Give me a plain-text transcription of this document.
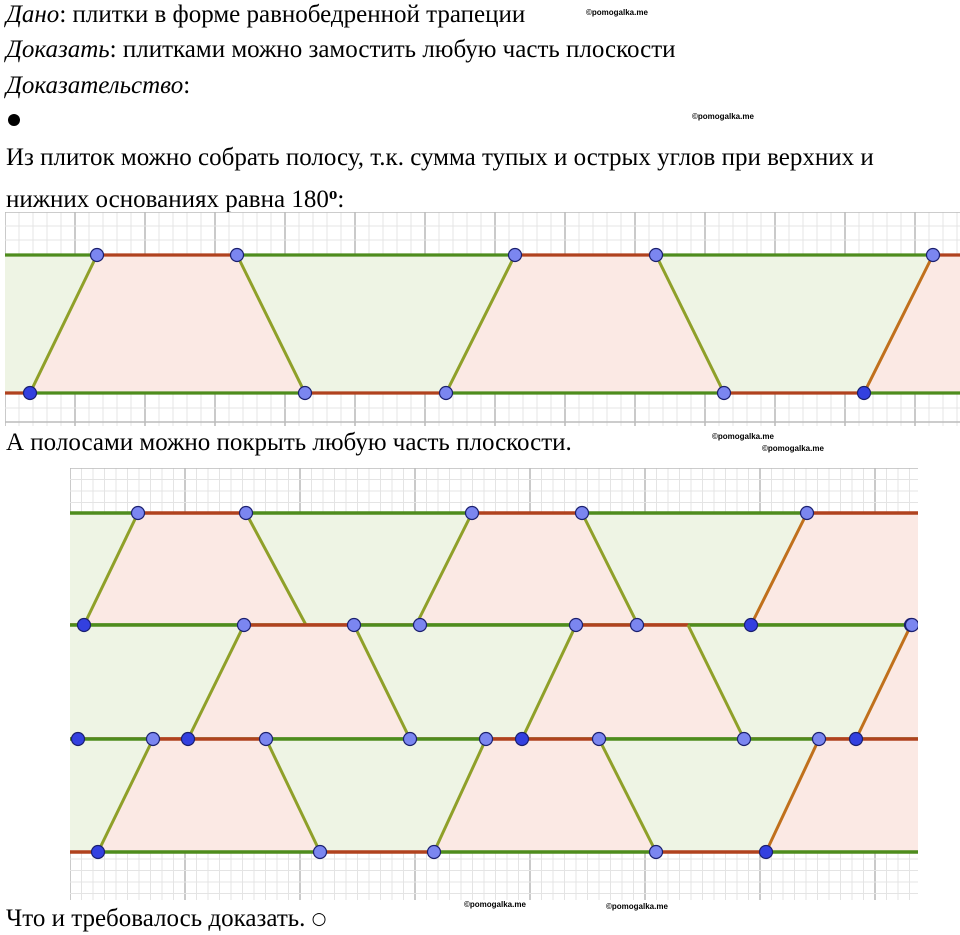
Дано: плитки в форме равнобедренной трапеции	©pomogalka.me
Доказать: плитками можно замостить любую часть плоскости
Доказательство:
©pomogalka.me
Из плиток можно собрать полосу, т.к. сумма тупых и острых углов при верхних и
нижних основаниях равна 180$^o$:
А полосами можно покрыть любую часть плоскости.	©pomogalka.me
©pomogalka.me
©pomogalka.me	©pomogalka.me
Что и требовалось доказать. ○
